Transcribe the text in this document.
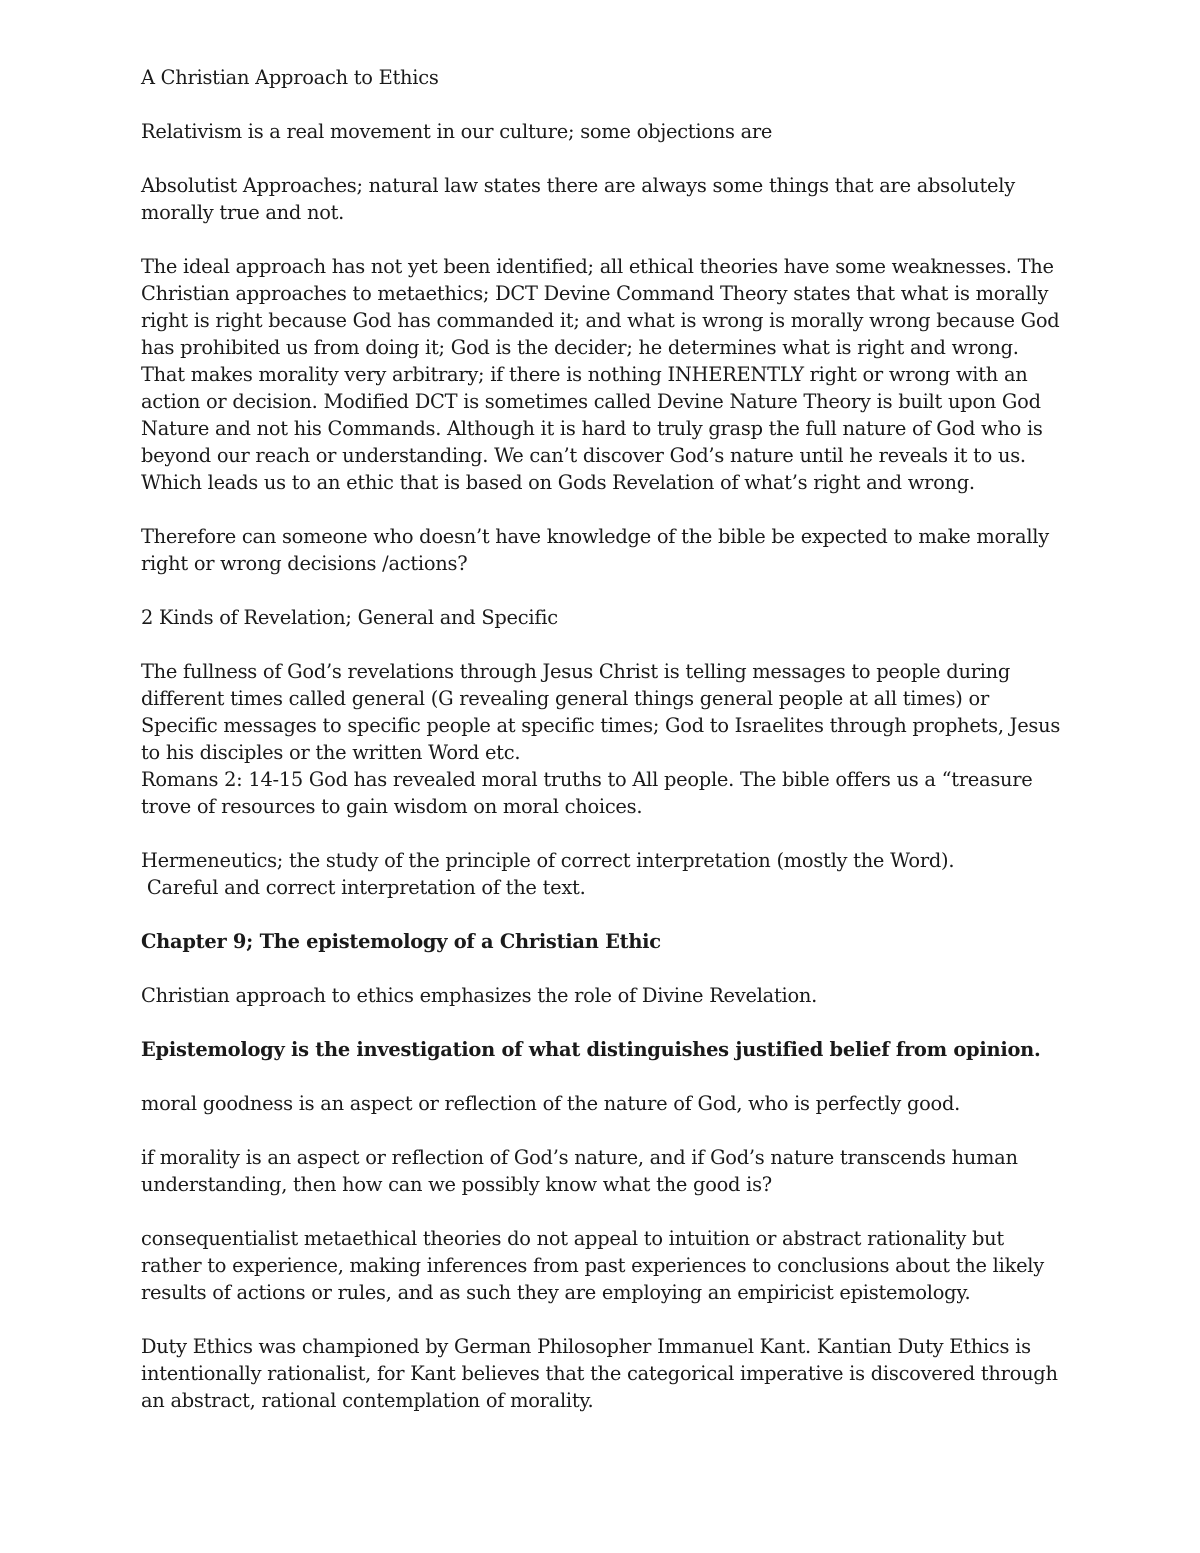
A Christian Approach to Ethics

Relativism is a real movement in our culture; some objections are

Absolutist Approaches; natural law states there are always some things that are absolutely morally true and not.

The ideal approach has not yet been identified; all ethical theories have some weaknesses. The Christian approaches to metaethics; DCT Devine Command Theory states that what is morally right is right because God has commanded it; and what is wrong is morally wrong because God has prohibited us from doing it; God is the decider; he determines what is right and wrong. That makes morality very arbitrary; if there is nothing INHERENTLY right or wrong with an action or decision. Modified DCT is sometimes called Devine Nature Theory is built upon God Nature and not his Commands. Although it is hard to truly grasp the full nature of God who is beyond our reach or understanding. We can’t discover God’s nature until he reveals it to us. Which leads us to an ethic that is based on Gods Revelation of what’s right and wrong.

Therefore can someone who doesn’t have knowledge of the bible be expected to make morally right or wrong decisions /actions?

2 Kinds of Revelation; General and Specific

The fullness of God’s revelations through Jesus Christ is telling messages to people during different times called general (G revealing general things general people at all times) or Specific messages to specific people at specific times; God to Israelites through prophets, Jesus to his disciples or the written Word etc.

Romans 2: 14-15 God has revealed moral truths to All people. The bible offers us a “treasure trove of resources to gain wisdom on moral choices.

Hermeneutics; the study of the principle of correct interpretation (mostly the Word).

Careful and correct interpretation of the text.

Chapter 9; The epistemology of a Christian Ethic

Christian approach to ethics emphasizes the role of Divine Revelation.

Epistemology is the investigation of what distinguishes justified belief from opinion.

moral goodness is an aspect or reflection of the nature of God, who is perfectly good.

if morality is an aspect or reflection of God’s nature, and if God’s nature transcends human understanding, then how can we possibly know what the good is?

consequentialist metaethical theories do not appeal to intuition or abstract rationality but rather to experience, making inferences from past experiences to conclusions about the likely results of actions or rules, and as such they are employing an empiricist epistemology.

Duty Ethics was championed by German Philosopher Immanuel Kant. Kantian Duty Ethics is intentionally rationalist, for Kant believes that the categorical imperative is discovered through an abstract, rational contemplation of morality.
